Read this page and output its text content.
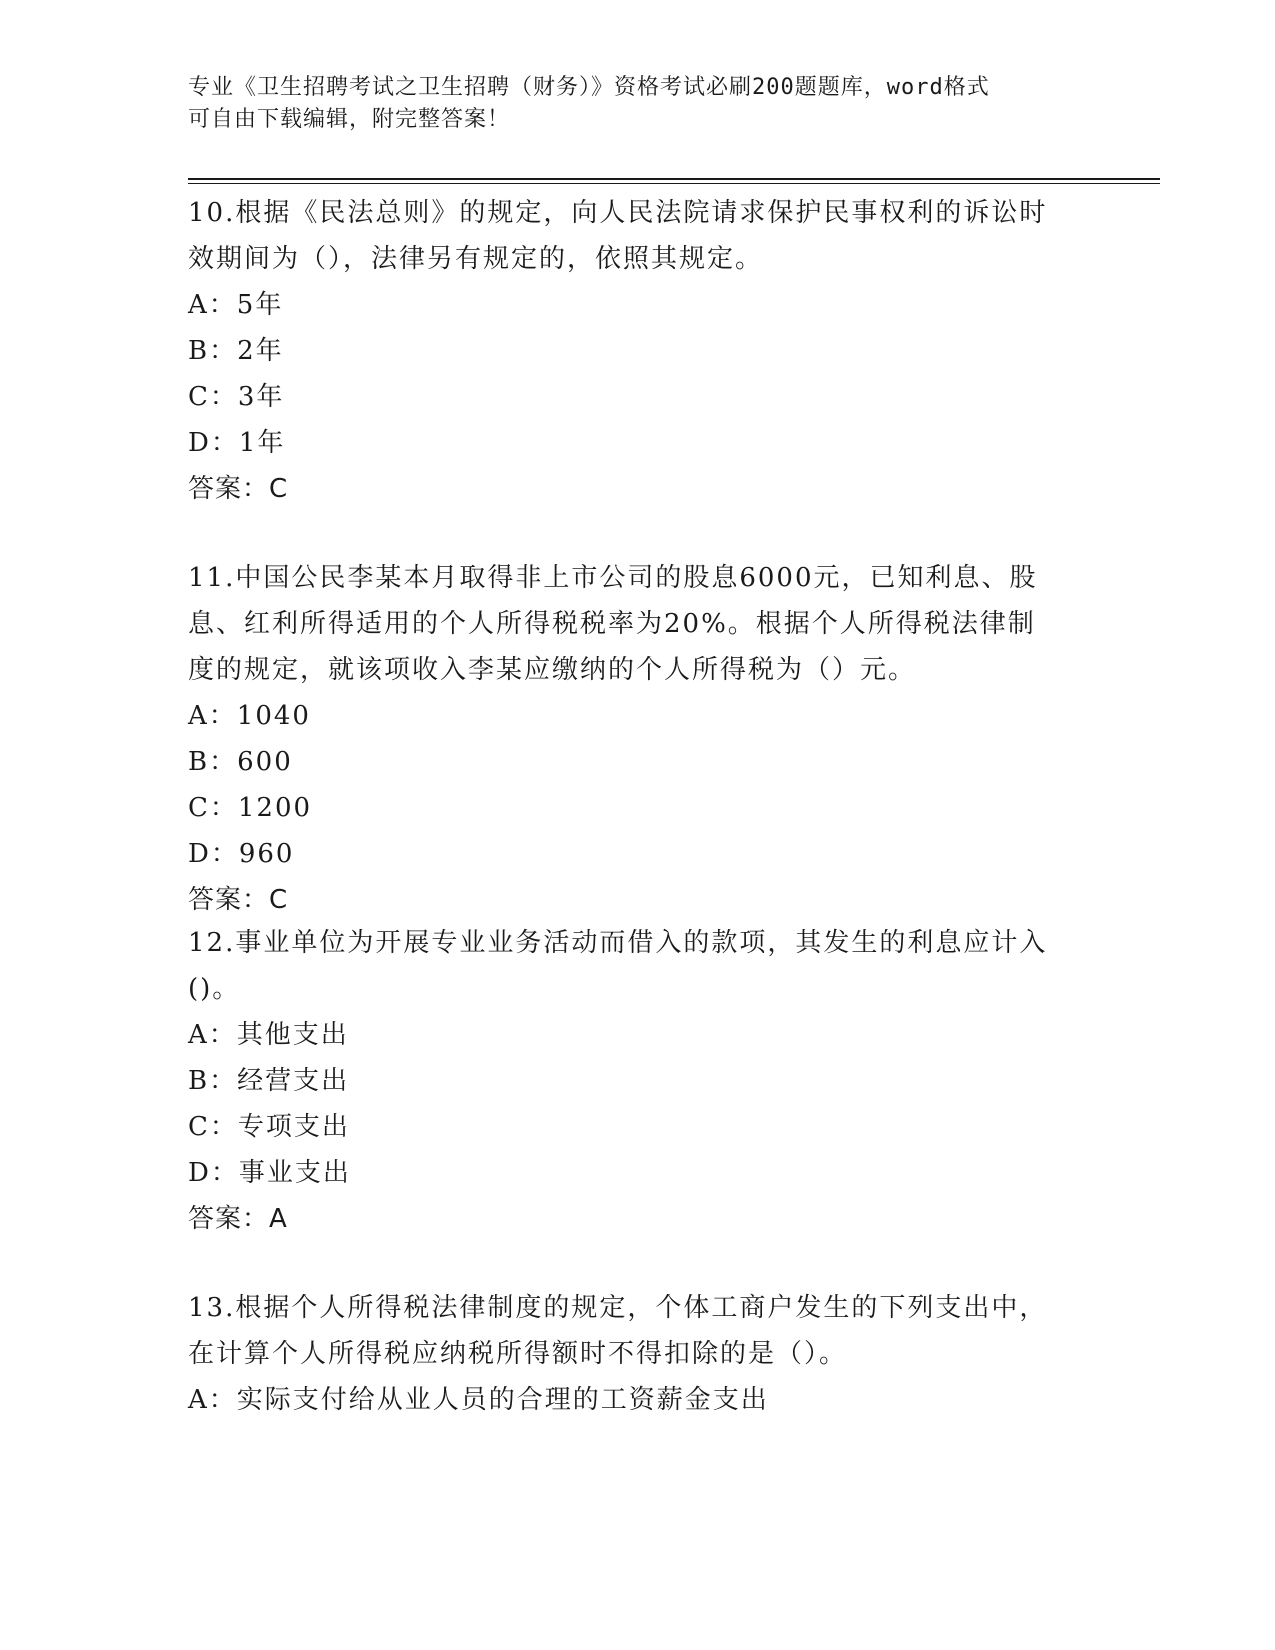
专业《卫生招聘考试之卫生招聘（财务）》资格考试必刷200题题库，word格式
可自由下载编辑，附完整答案！
10.根据《民法总则》的规定，向人民法院请求保护民事权利的诉讼时
效期间为（），法律另有规定的，依照其规定。
A：5年
B：2年
C：3年
D：1年
答案：C
11.中国公民李某本月取得非上市公司的股息6000元，已知利息、股
息、红利所得适用的个人所得税税率为20%。根据个人所得税法律制
度的规定，就该项收入李某应缴纳的个人所得税为（）元。
A：1040
B：600
C：1200
D：960
答案：C
12.事业单位为开展专业业务活动而借入的款项，其发生的利息应计入
()。
A：其他支出
B：经营支出
C：专项支出
D：事业支出
答案：A
13.根据个人所得税法律制度的规定，个体工商户发生的下列支出中，
在计算个人所得税应纳税所得额时不得扣除的是（）。
A：实际支付给从业人员的合理的工资薪金支出
